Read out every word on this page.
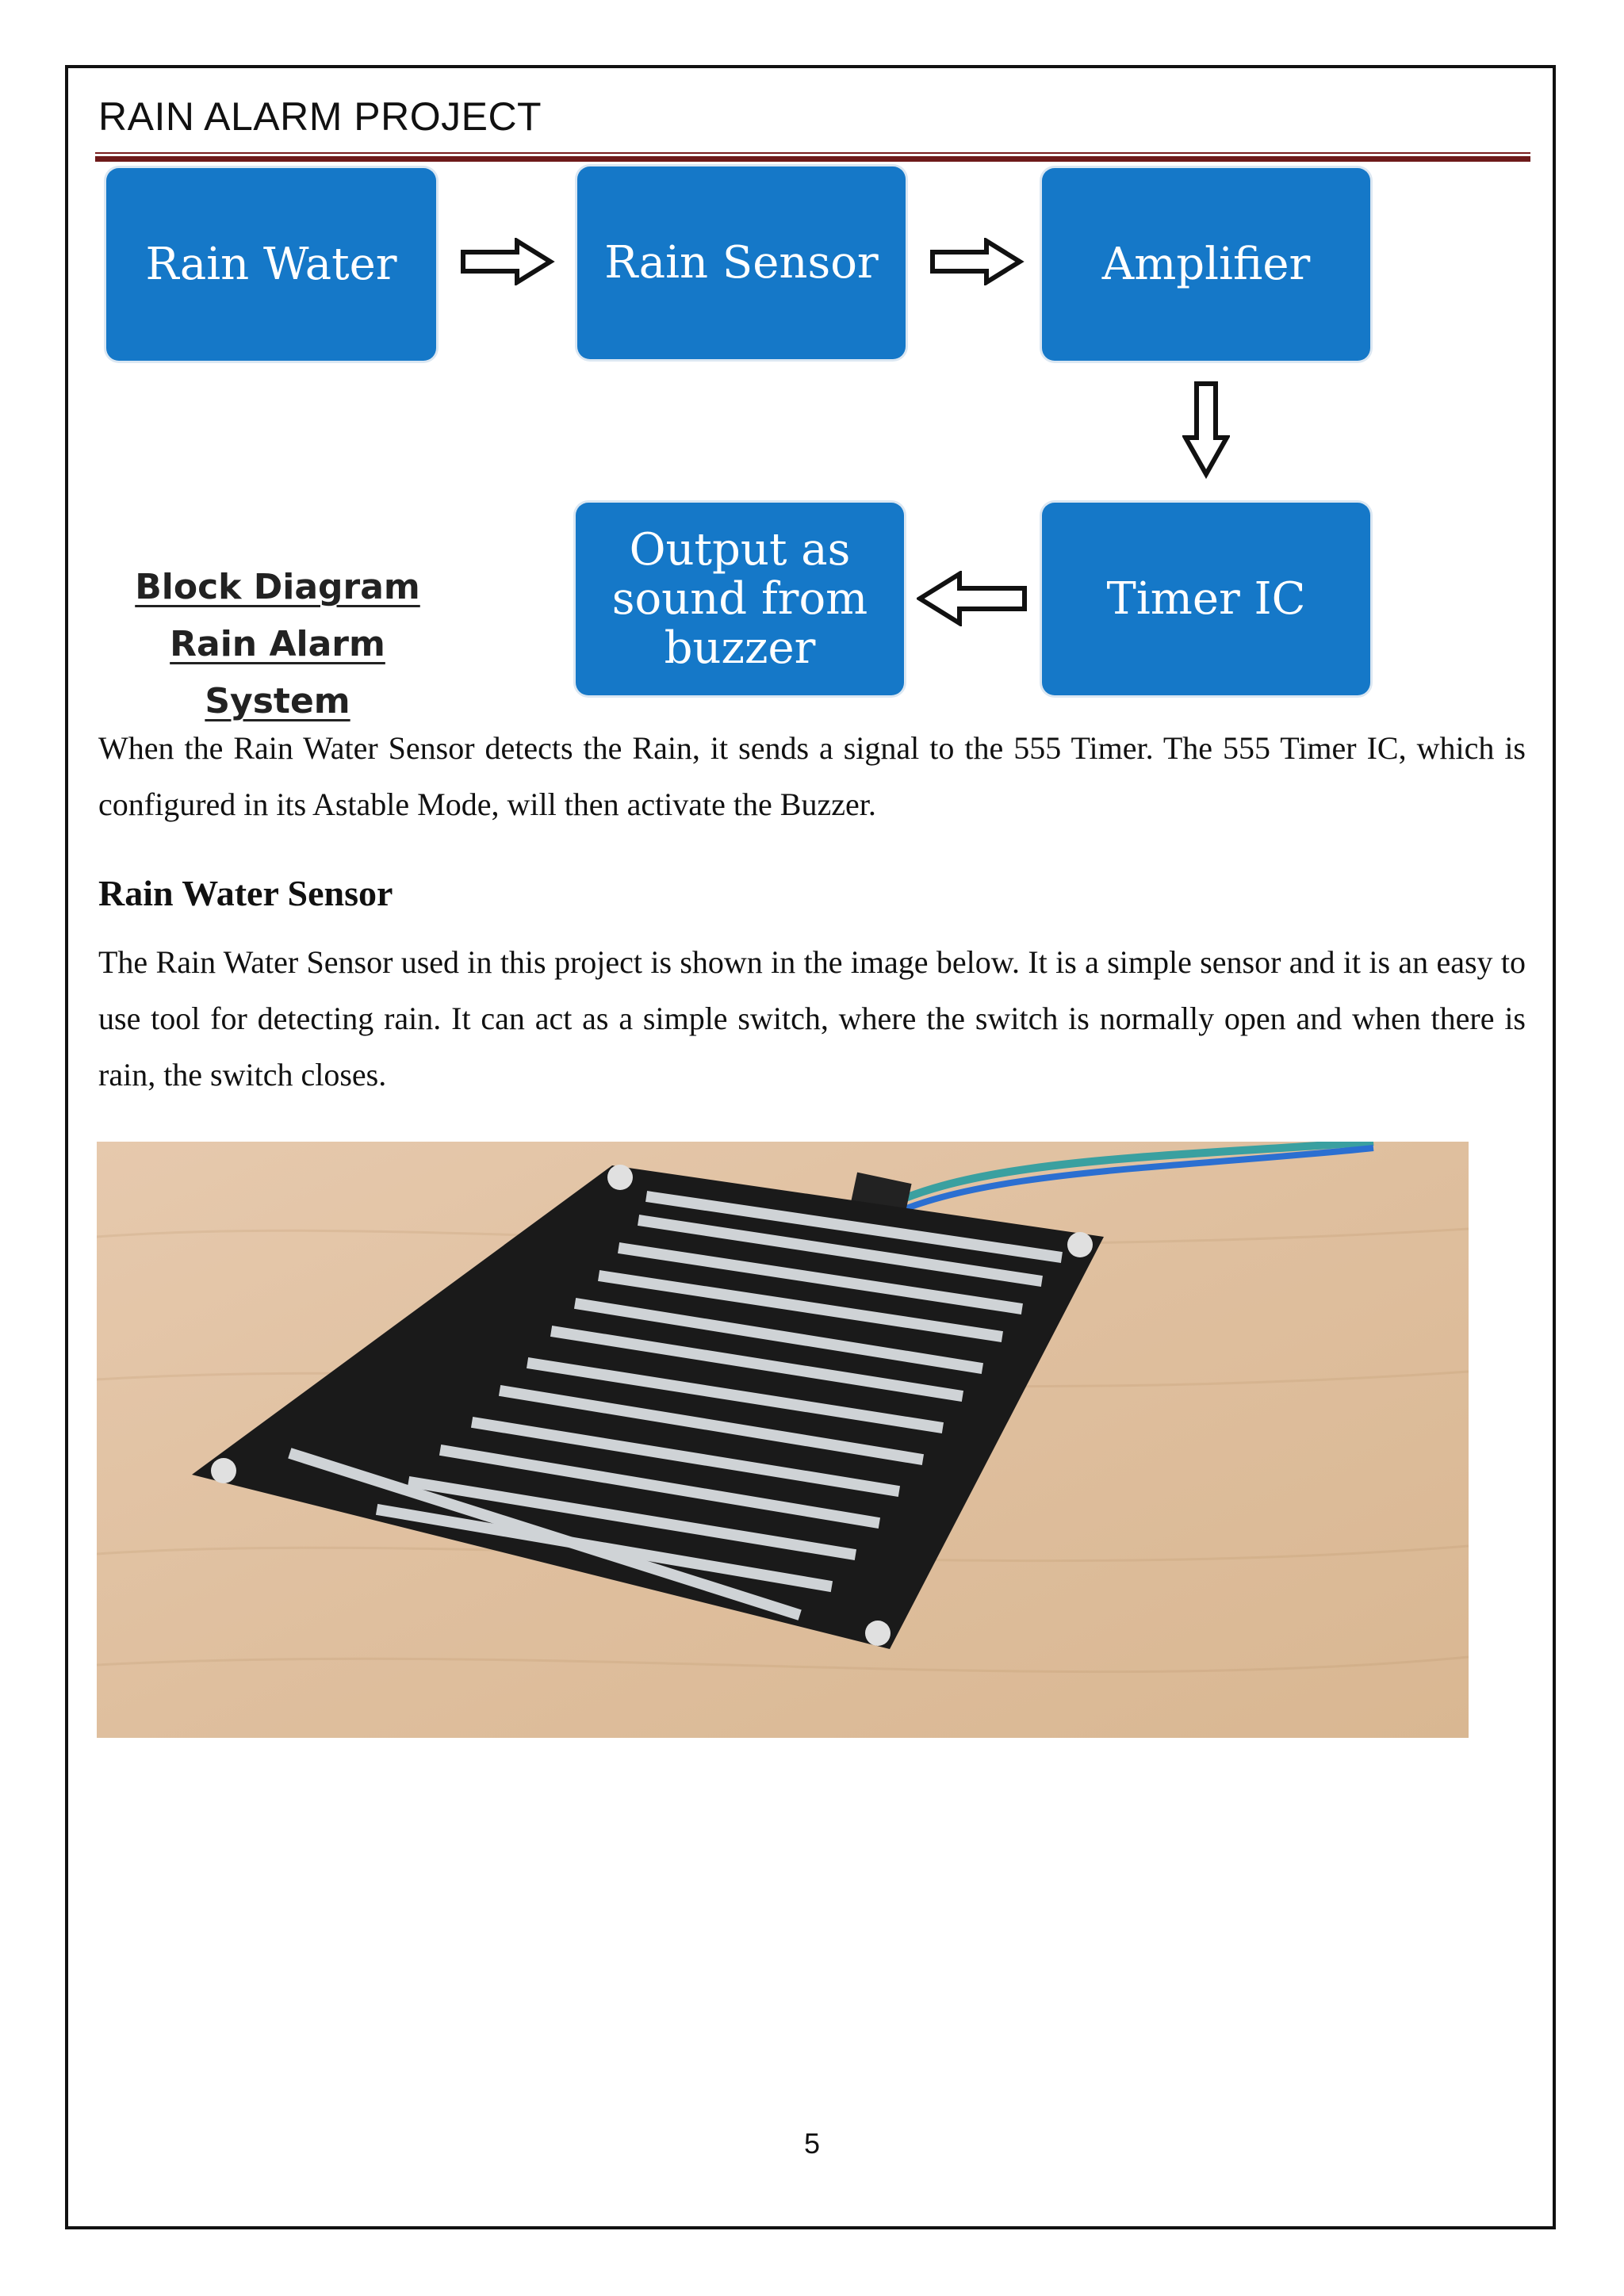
RAIN ALARM PROJECT
Rain Water	Rain Sensor	Amplifier
Output as
sound from
buzzer
Timer IC
Block Diagram
Rain Alarm System
When the Rain Water Sensor detects the Rain, it sends a signal to the 555 Timer. The 555 Timer IC, which is configured in its Astable Mode, will then activate the Buzzer.
Rain Water Sensor
The Rain Water Sensor used in this project is shown in the image below. It is a simple sensor and it is an easy to use tool for detecting rain. It can act as a simple switch, where the switch is normally open and when there is rain, the switch closes.
5
